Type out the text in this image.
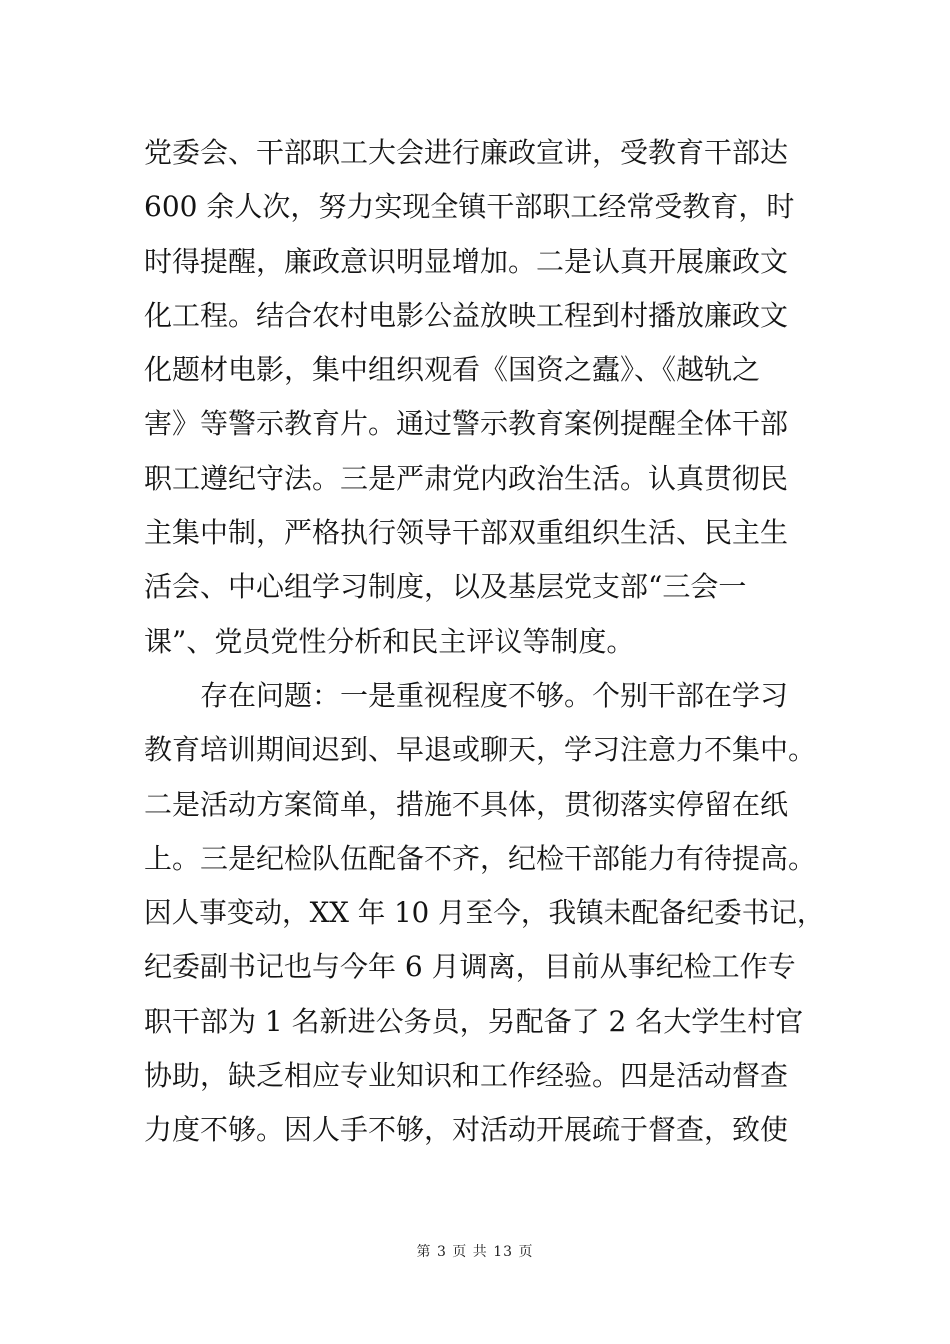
党委会、干部职工大会进行廉政宣讲，受教育干部达
600 余人次，努力实现全镇干部职工经常受教育，时
时得提醒，廉政意识明显增加。二是认真开展廉政文
化工程。结合农村电影公益放映工程到村播放廉政文
化题材电影，集中组织观看《国资之蠹》、《越轨之
害》等警示教育片。通过警示教育案例提醒全体干部
职工遵纪守法。三是严肃党内政治生活。认真贯彻民
主集中制，严格执行领导干部双重组织生活、民主生
活会、中心组学习制度，以及基层党支部“三会一
课”、党员党性分析和民主评议等制度。
存在问题：一是重视程度不够。个别干部在学习
教育培训期间迟到、早退或聊天，学习注意力不集中。
二是活动方案简单，措施不具体，贯彻落实停留在纸
上。三是纪检队伍配备不齐，纪检干部能力有待提高。
因人事变动，XX 年 10 月至今，我镇未配备纪委书记，
纪委副书记也与今年 6 月调离，目前从事纪检工作专
职干部为 1 名新进公务员，另配备了 2 名大学生村官
协助，缺乏相应专业知识和工作经验。四是活动督查
力度不够。因人手不够，对活动开展疏于督查，致使
第 3 页 共 13 页
